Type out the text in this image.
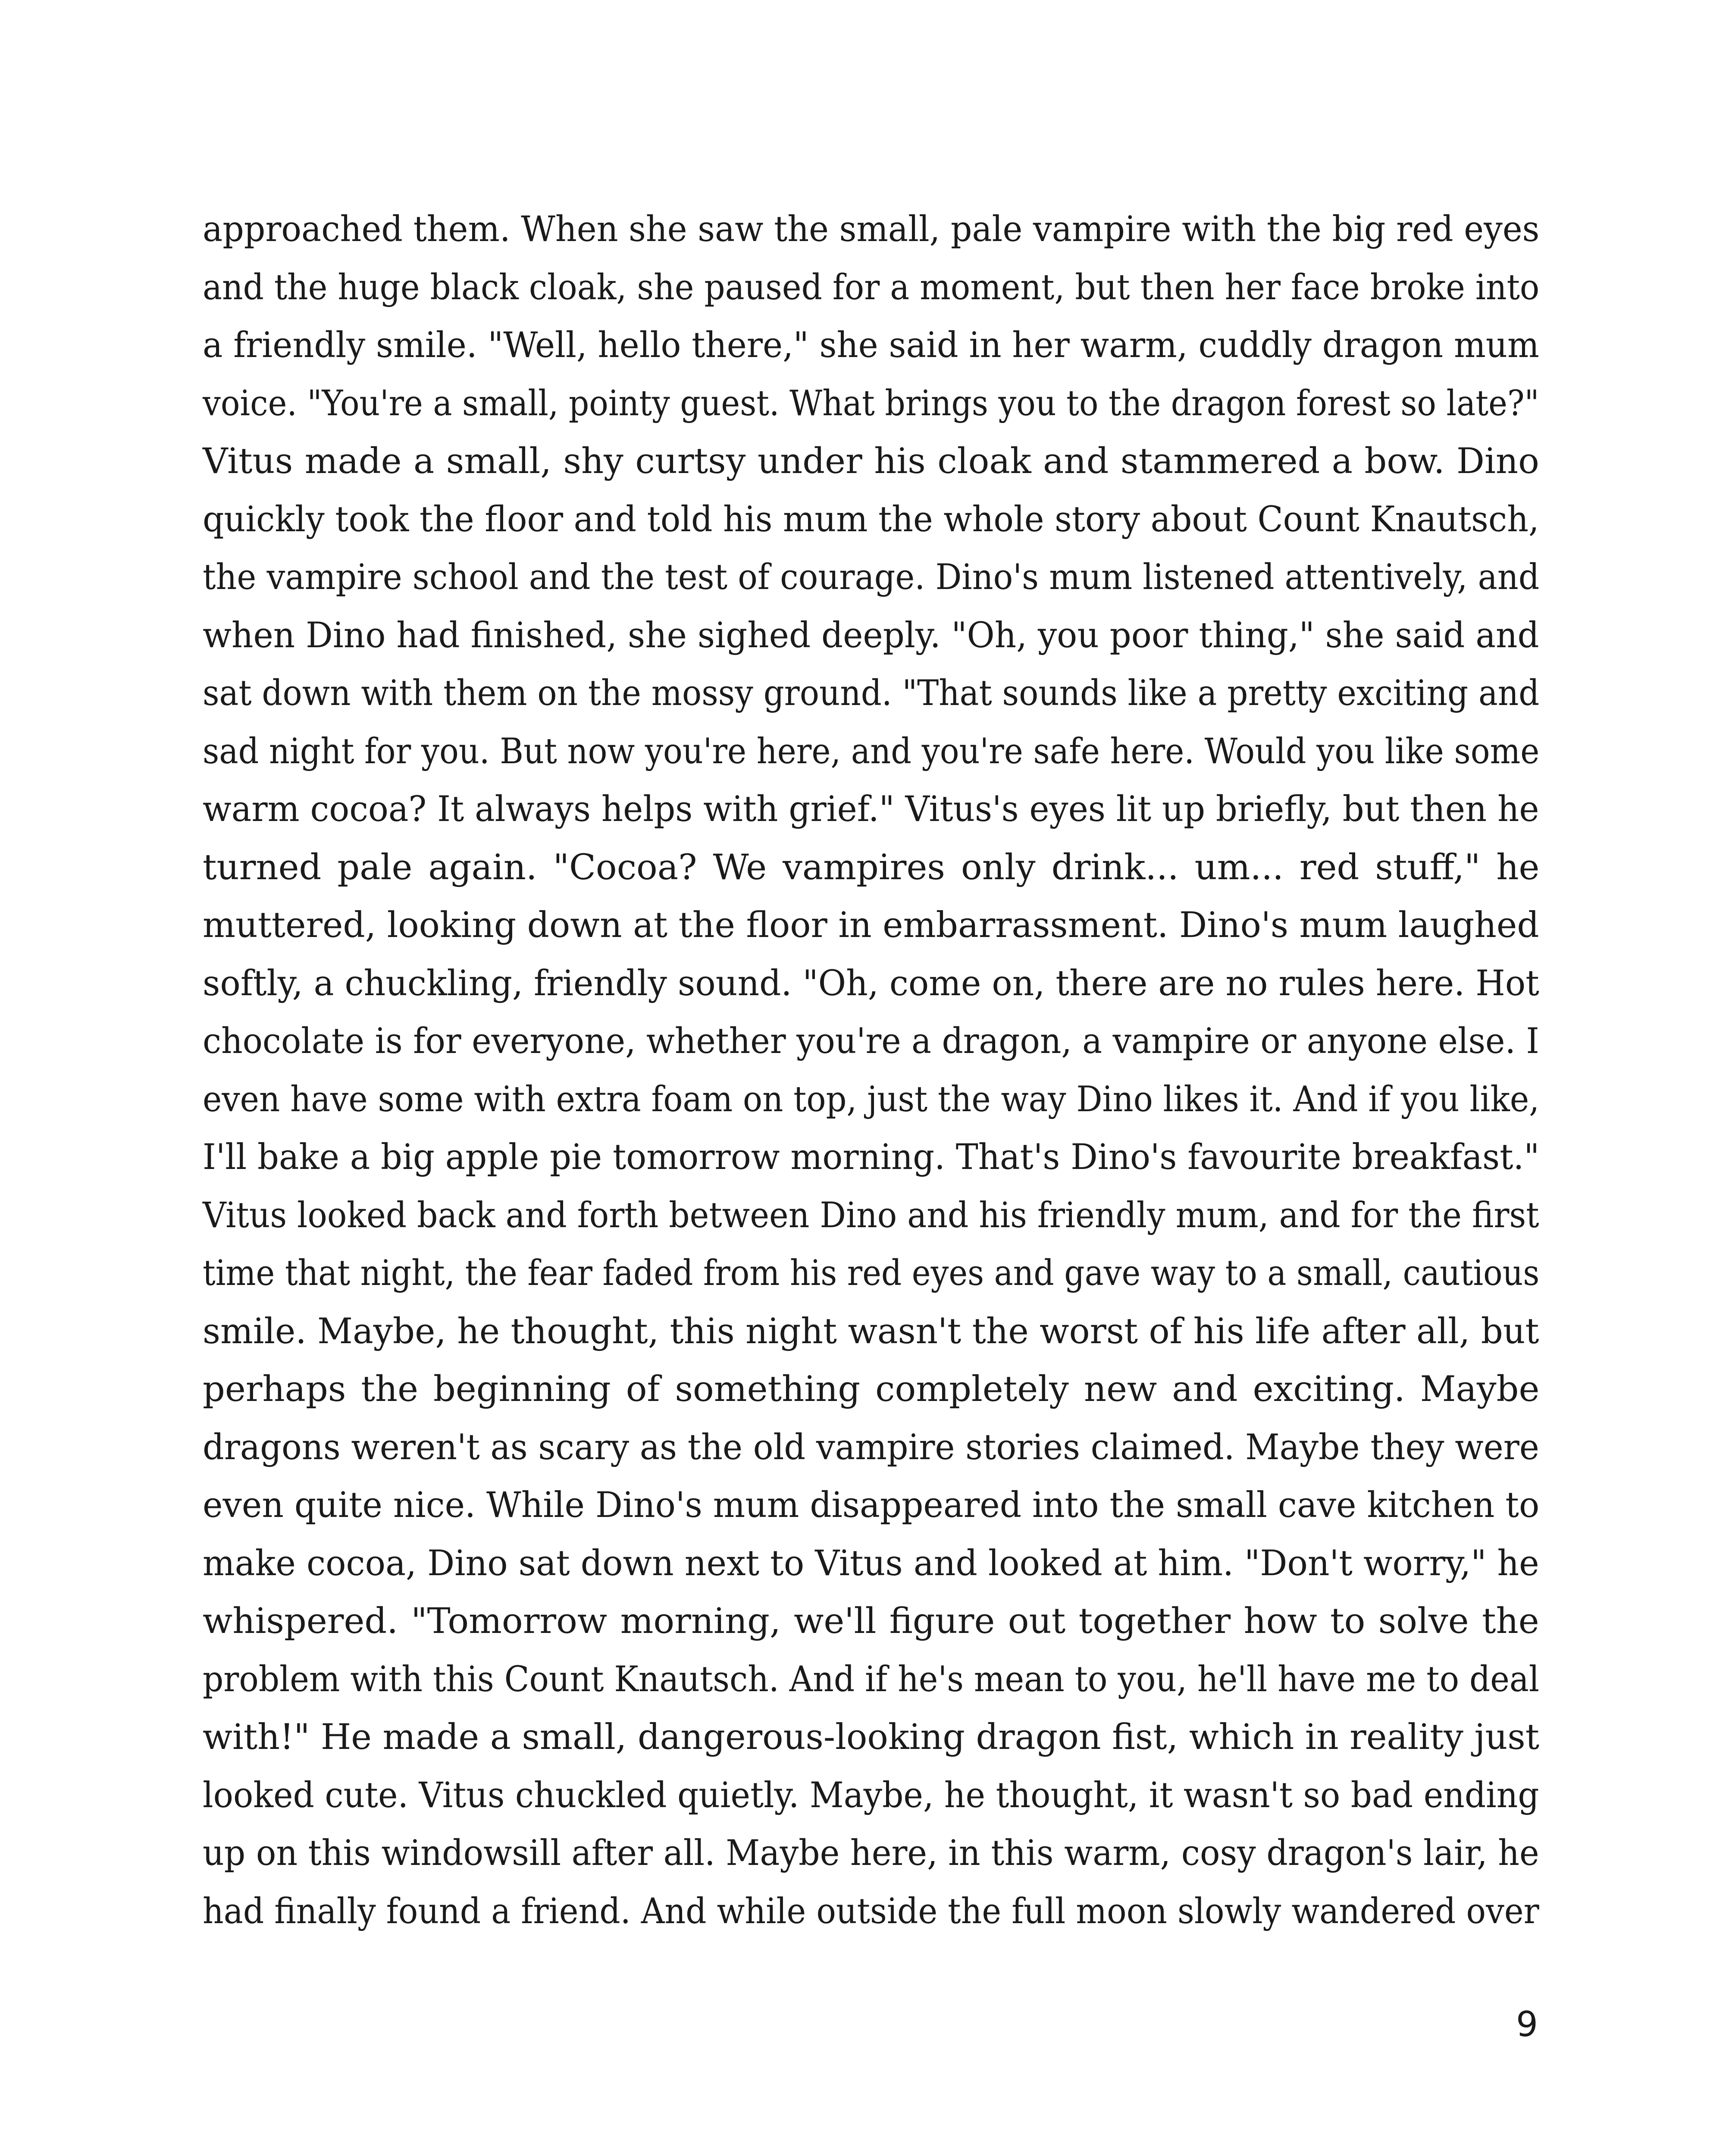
approached them. When she saw the small, pale vampire with the big red eyes
and the huge black cloak, she paused for a moment, but then her face broke into
a friendly smile. "Well, hello there," she said in her warm, cuddly dragon mum
voice. "You're a small, pointy guest. What brings you to the dragon forest so late?"
Vitus made a small, shy curtsy under his cloak and stammered a bow. Dino
quickly took the floor and told his mum the whole story about Count Knautsch,
the vampire school and the test of courage. Dino's mum listened attentively, and
when Dino had finished, she sighed deeply. "Oh, you poor thing," she said and
sat down with them on the mossy ground. "That sounds like a pretty exciting and
sad night for you. But now you're here, and you're safe here. Would you like some
warm cocoa? It always helps with grief." Vitus's eyes lit up briefly, but then he
turned pale again. "Cocoa? We vampires only drink... um... red stuff," he
muttered, looking down at the floor in embarrassment. Dino's mum laughed
softly, a chuckling, friendly sound. "Oh, come on, there are no rules here. Hot
chocolate is for everyone, whether you're a dragon, a vampire or anyone else. I
even have some with extra foam on top, just the way Dino likes it. And if you like,
I'll bake a big apple pie tomorrow morning. That's Dino's favourite breakfast."
Vitus looked back and forth between Dino and his friendly mum, and for the first
time that night, the fear faded from his red eyes and gave way to a small, cautious
smile. Maybe, he thought, this night wasn't the worst of his life after all, but
perhaps the beginning of something completely new and exciting. Maybe
dragons weren't as scary as the old vampire stories claimed. Maybe they were
even quite nice. While Dino's mum disappeared into the small cave kitchen to
make cocoa, Dino sat down next to Vitus and looked at him. "Don't worry," he
whispered. "Tomorrow morning, we'll figure out together how to solve the
problem with this Count Knautsch. And if he's mean to you, he'll have me to deal
with!" He made a small, dangerous-looking dragon fist, which in reality just
looked cute. Vitus chuckled quietly. Maybe, he thought, it wasn't so bad ending
up on this windowsill after all. Maybe here, in this warm, cosy dragon's lair, he
had finally found a friend. And while outside the full moon slowly wandered over
9
